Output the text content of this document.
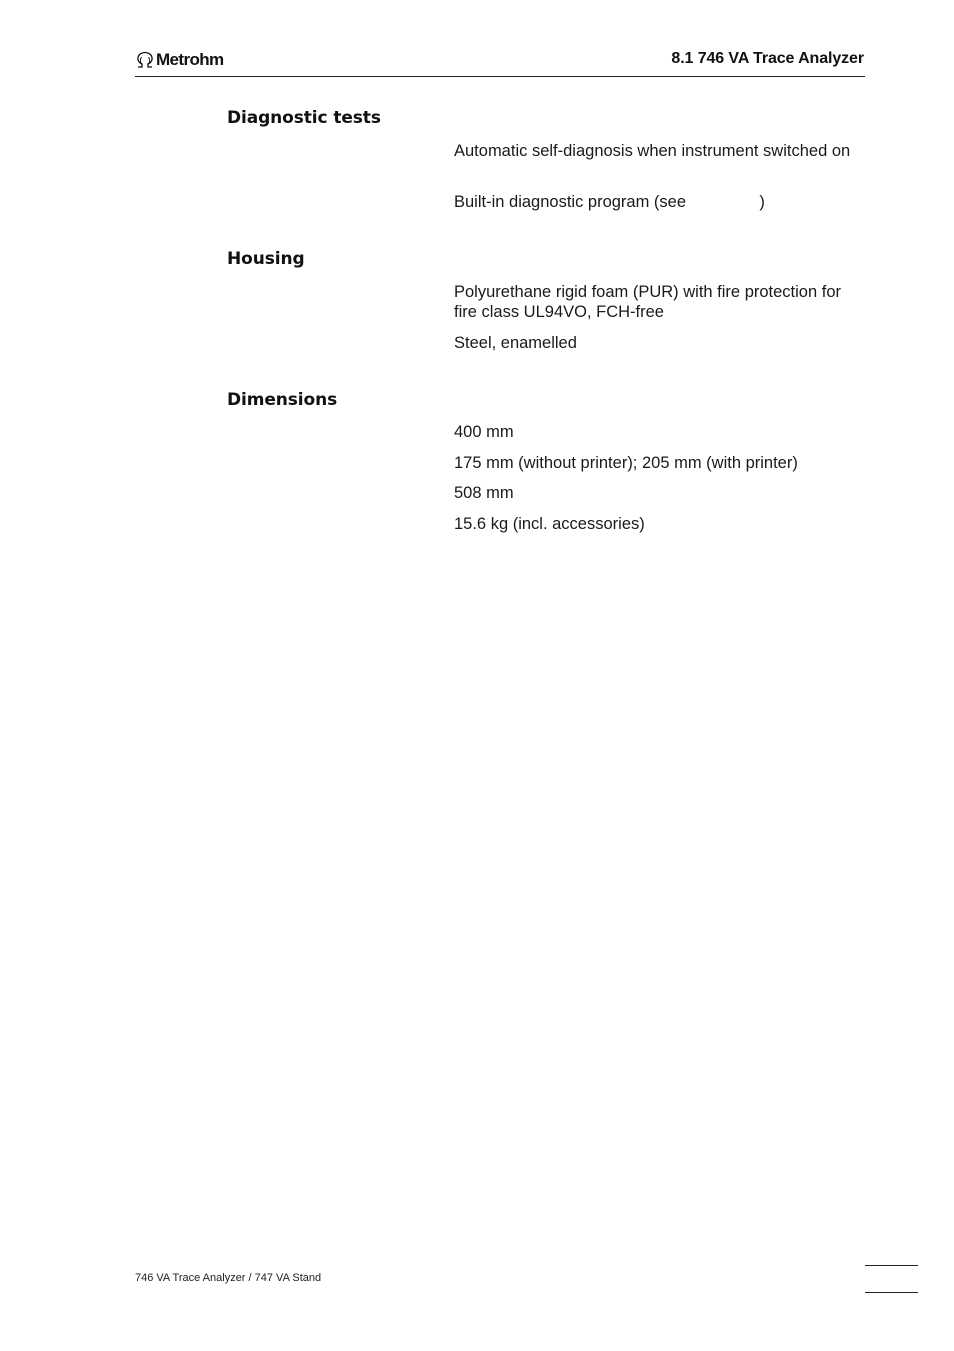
Metrohm	8.1 746 VA Trace Analyzer
Diagnostic tests
Automatic self-diagnosis when instrument switched on
Built-in diagnostic program (see                )
Housing
Polyurethane rigid foam (PUR) with fire protection for fire class UL94VO, FCH-free
Steel, enamelled
Dimensions
400 mm
175 mm (without printer); 205 mm (with printer)
508 mm
15.6 kg (incl. accessories)
746 VA Trace Analyzer / 747 VA Stand
